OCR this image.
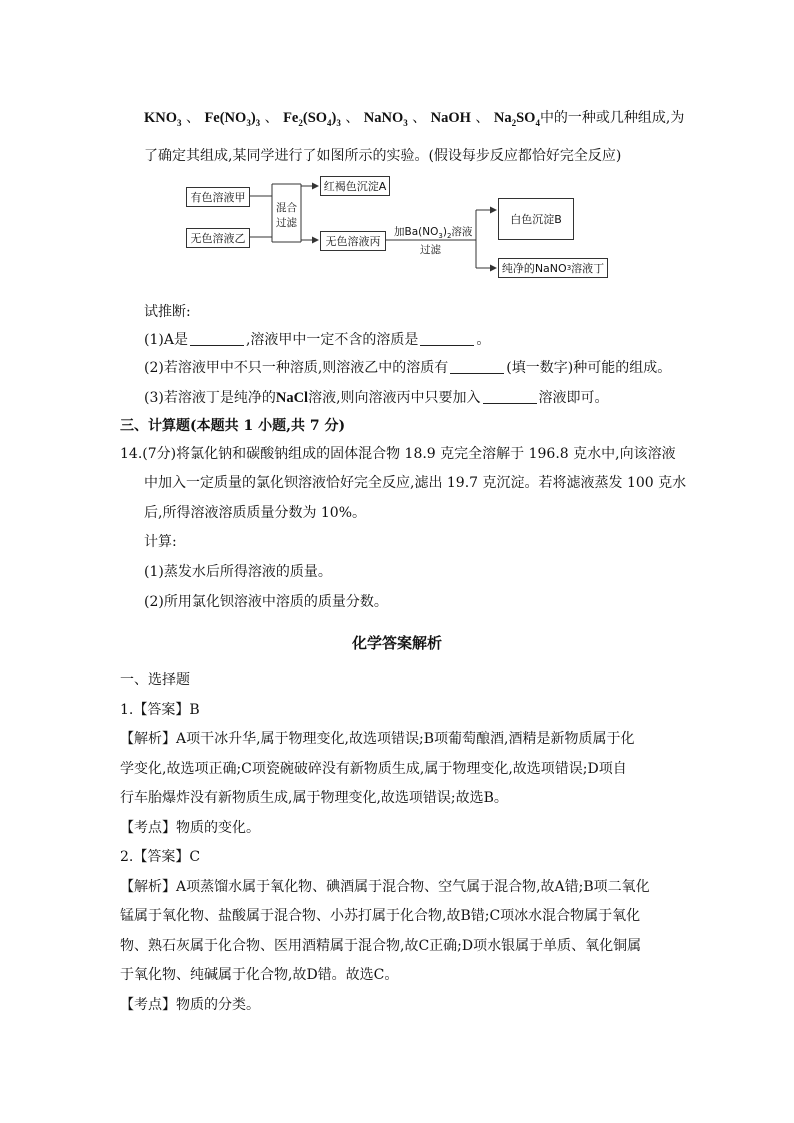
$KNO_3$ 、 $Fe(NO_3)_3$ 、 $Fe_2(SO_4)_3$ 、 NaNO$_3$ 、 NaOH 、 $Na_2SO_4$中的一种或几种组成,为
了确定其组成,某同学进行了如图所示的实验。(假设每步反应都恰好完全反应)
有色溶液甲
无色溶液乙
混合
过滤
红褐色沉淀A
无色溶液丙
加$Ba(NO_3)_2$溶液
过滤
白色沉淀B
纯净的NaNO 3 溶液丁
试推断:
(1)A是	,溶液甲中一定不含的溶质是	。
(2)若溶液甲中不只一种溶质,则溶液乙中的溶质有	(填一数字)种可能的组成。
(3)若溶液丁是纯净的NaCl溶液,则向溶液丙中只要加入	溶液即可。
三、计算题(本题共 1 小题,共 7 分)
14.(7分)将氯化钠和碳酸钠组成的固体混合物 18.9 克完全溶解于 196.8 克水中,向该溶液
中加入一定质量的氯化钡溶液恰好完全反应,滤出 19.7 克沉淀。若将滤液蒸发 100 克水
后,所得溶液溶质质量分数为 10%。
计算:
(1)蒸发水后所得溶液的质量。
(2)所用氯化钡溶液中溶质的质量分数。
化学答案解析
一、选择题
1.【答案】B
【解析】A项干冰升华,属于物理变化,故选项错误;B项葡萄酿酒,酒精是新物质属于化
学变化,故选项正确;C项瓷碗破碎没有新物质生成,属于物理变化,故选项错误;D项自
行车胎爆炸没有新物质生成,属于物理变化,故选项错误;故选B。
【考点】物质的变化。
2.【答案】C
【解析】A项蒸馏水属于氧化物、碘酒属于混合物、空气属于混合物,故A错;B项二氧化
锰属于氧化物、盐酸属于混合物、小苏打属于化合物,故B错;C项冰水混合物属于氧化
物、熟石灰属于化合物、医用酒精属于混合物,故C正确;D项水银属于单质、氧化铜属
于氧化物、纯碱属于化合物,故D错。故选C。
【考点】物质的分类。
